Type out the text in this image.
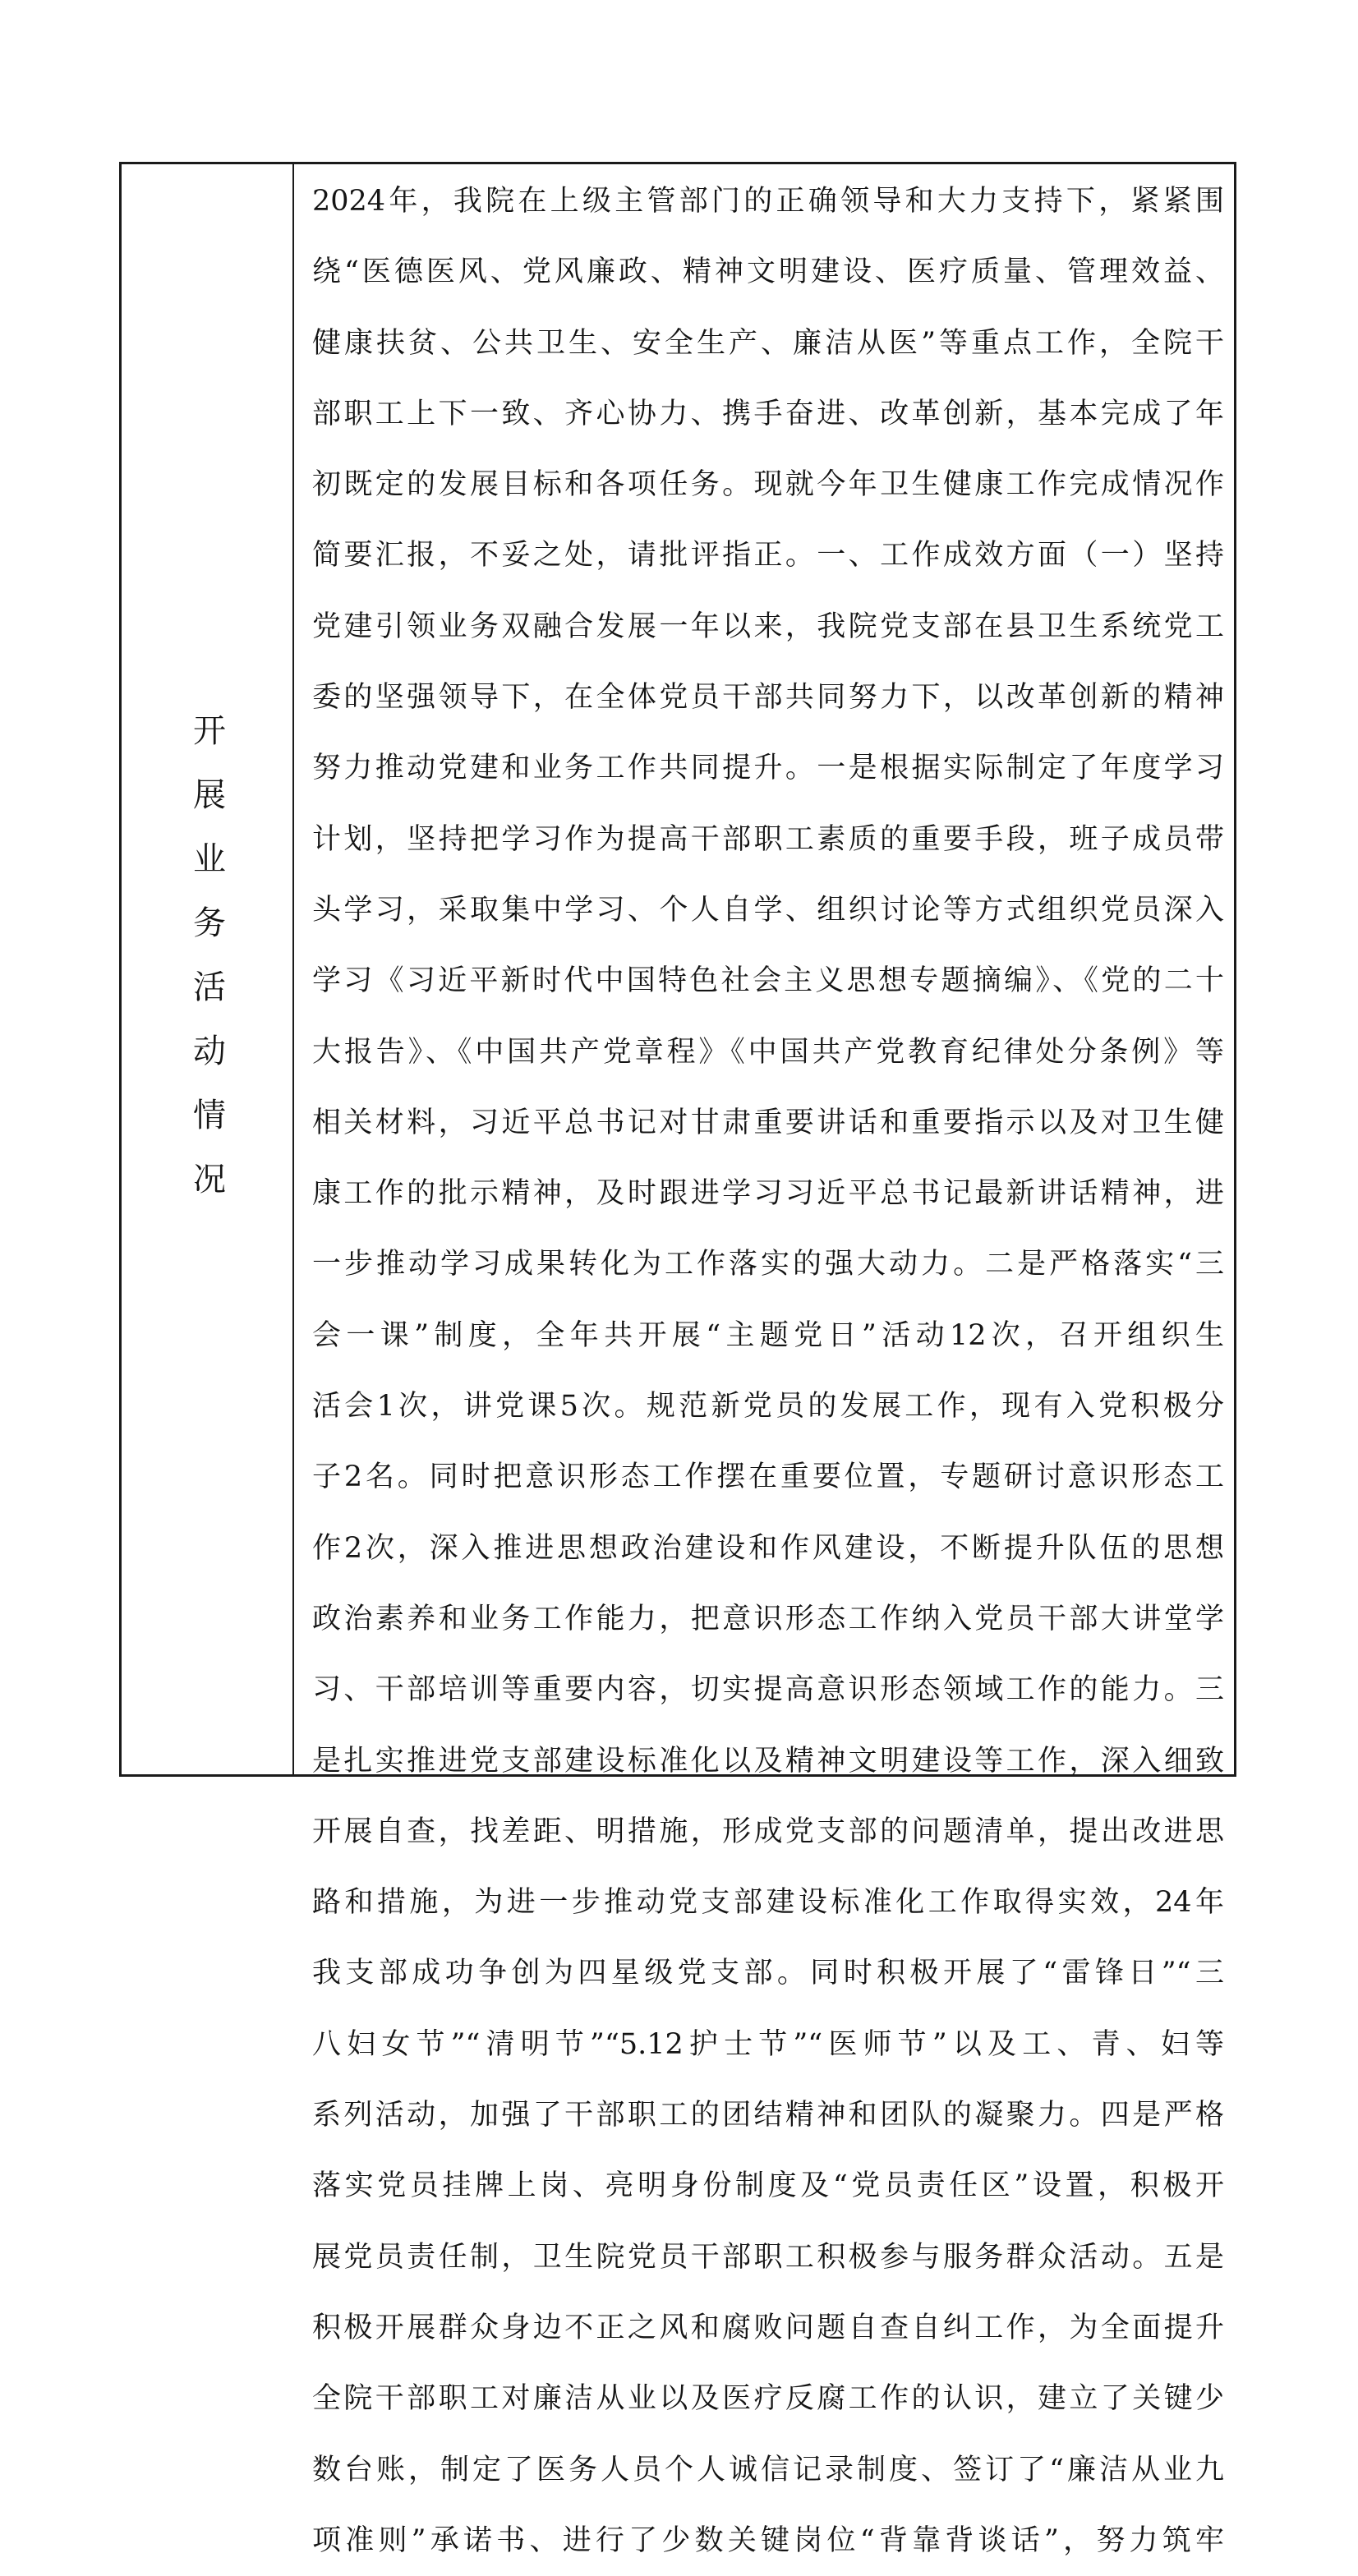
开展业务活动情况
2024年，我院在上级主管部门的正确领导和大力支持下，紧紧围
绕“医德医风、党风廉政、精神文明建设、医疗质量、管理效益、
健康扶贫、公共卫生、安全生产、廉洁从医”等重点工作，全院干
部职工上下一致、齐心协力、携手奋进、改革创新，基本完成了年
初既定的发展目标和各项任务。现就今年卫生健康工作完成情况作
简要汇报，不妥之处，请批评指正。一、工作成效方面（一）坚持
党建引领业务双融合发展一年以来，我院党支部在县卫生系统党工
委的坚强领导下，在全体党员干部共同努力下，以改革创新的精神
努力推动党建和业务工作共同提升。一是根据实际制定了年度学习
计划，坚持把学习作为提高干部职工素质的重要手段，班子成员带
头学习，采取集中学习、个人自学、组织讨论等方式组织党员深入
学习《习近平新时代中国特色社会主义思想专题摘编》、《党的二十
大报告》、《中国共产党章程》《中国共产党教育纪律处分条例》等
相关材料，习近平总书记对甘肃重要讲话和重要指示以及对卫生健
康工作的批示精神，及时跟进学习习近平总书记最新讲话精神，进
一步推动学习成果转化为工作落实的强大动力。二是严格落实“三
会一课”制度，全年共开展“主题党日”活动12次，召开组织生
活会1次，讲党课5次。规范新党员的发展工作，现有入党积极分
子2名。同时把意识形态工作摆在重要位置，专题研讨意识形态工
作2次，深入推进思想政治建设和作风建设，不断提升队伍的思想
政治素养和业务工作能力，把意识形态工作纳入党员干部大讲堂学
习、干部培训等重要内容，切实提高意识形态领域工作的能力。三
是扎实推进党支部建设标准化以及精神文明建设等工作，深入细致
开展自查，找差距、明措施，形成党支部的问题清单，提出改进思
路和措施，为进一步推动党支部建设标准化工作取得实效，24年
我支部成功争创为四星级党支部。同时积极开展了“雷锋日”“三
八妇女节”“清明节”“5.12护士节”“医师节”以及工、青、妇等
系列活动，加强了干部职工的团结精神和团队的凝聚力。四是严格
落实党员挂牌上岗、亮明身份制度及“党员责任区”设置，积极开
展党员责任制，卫生院党员干部职工积极参与服务群众活动。五是
积极开展群众身边不正之风和腐败问题自查自纠工作，为全面提升
全院干部职工对廉洁从业以及医疗反腐工作的认识，建立了关键少
数台账，制定了医务人员个人诚信记录制度、签订了“廉洁从业九
项准则”承诺书、进行了少数关键岗位“背靠背谈话”，努力筑牢
